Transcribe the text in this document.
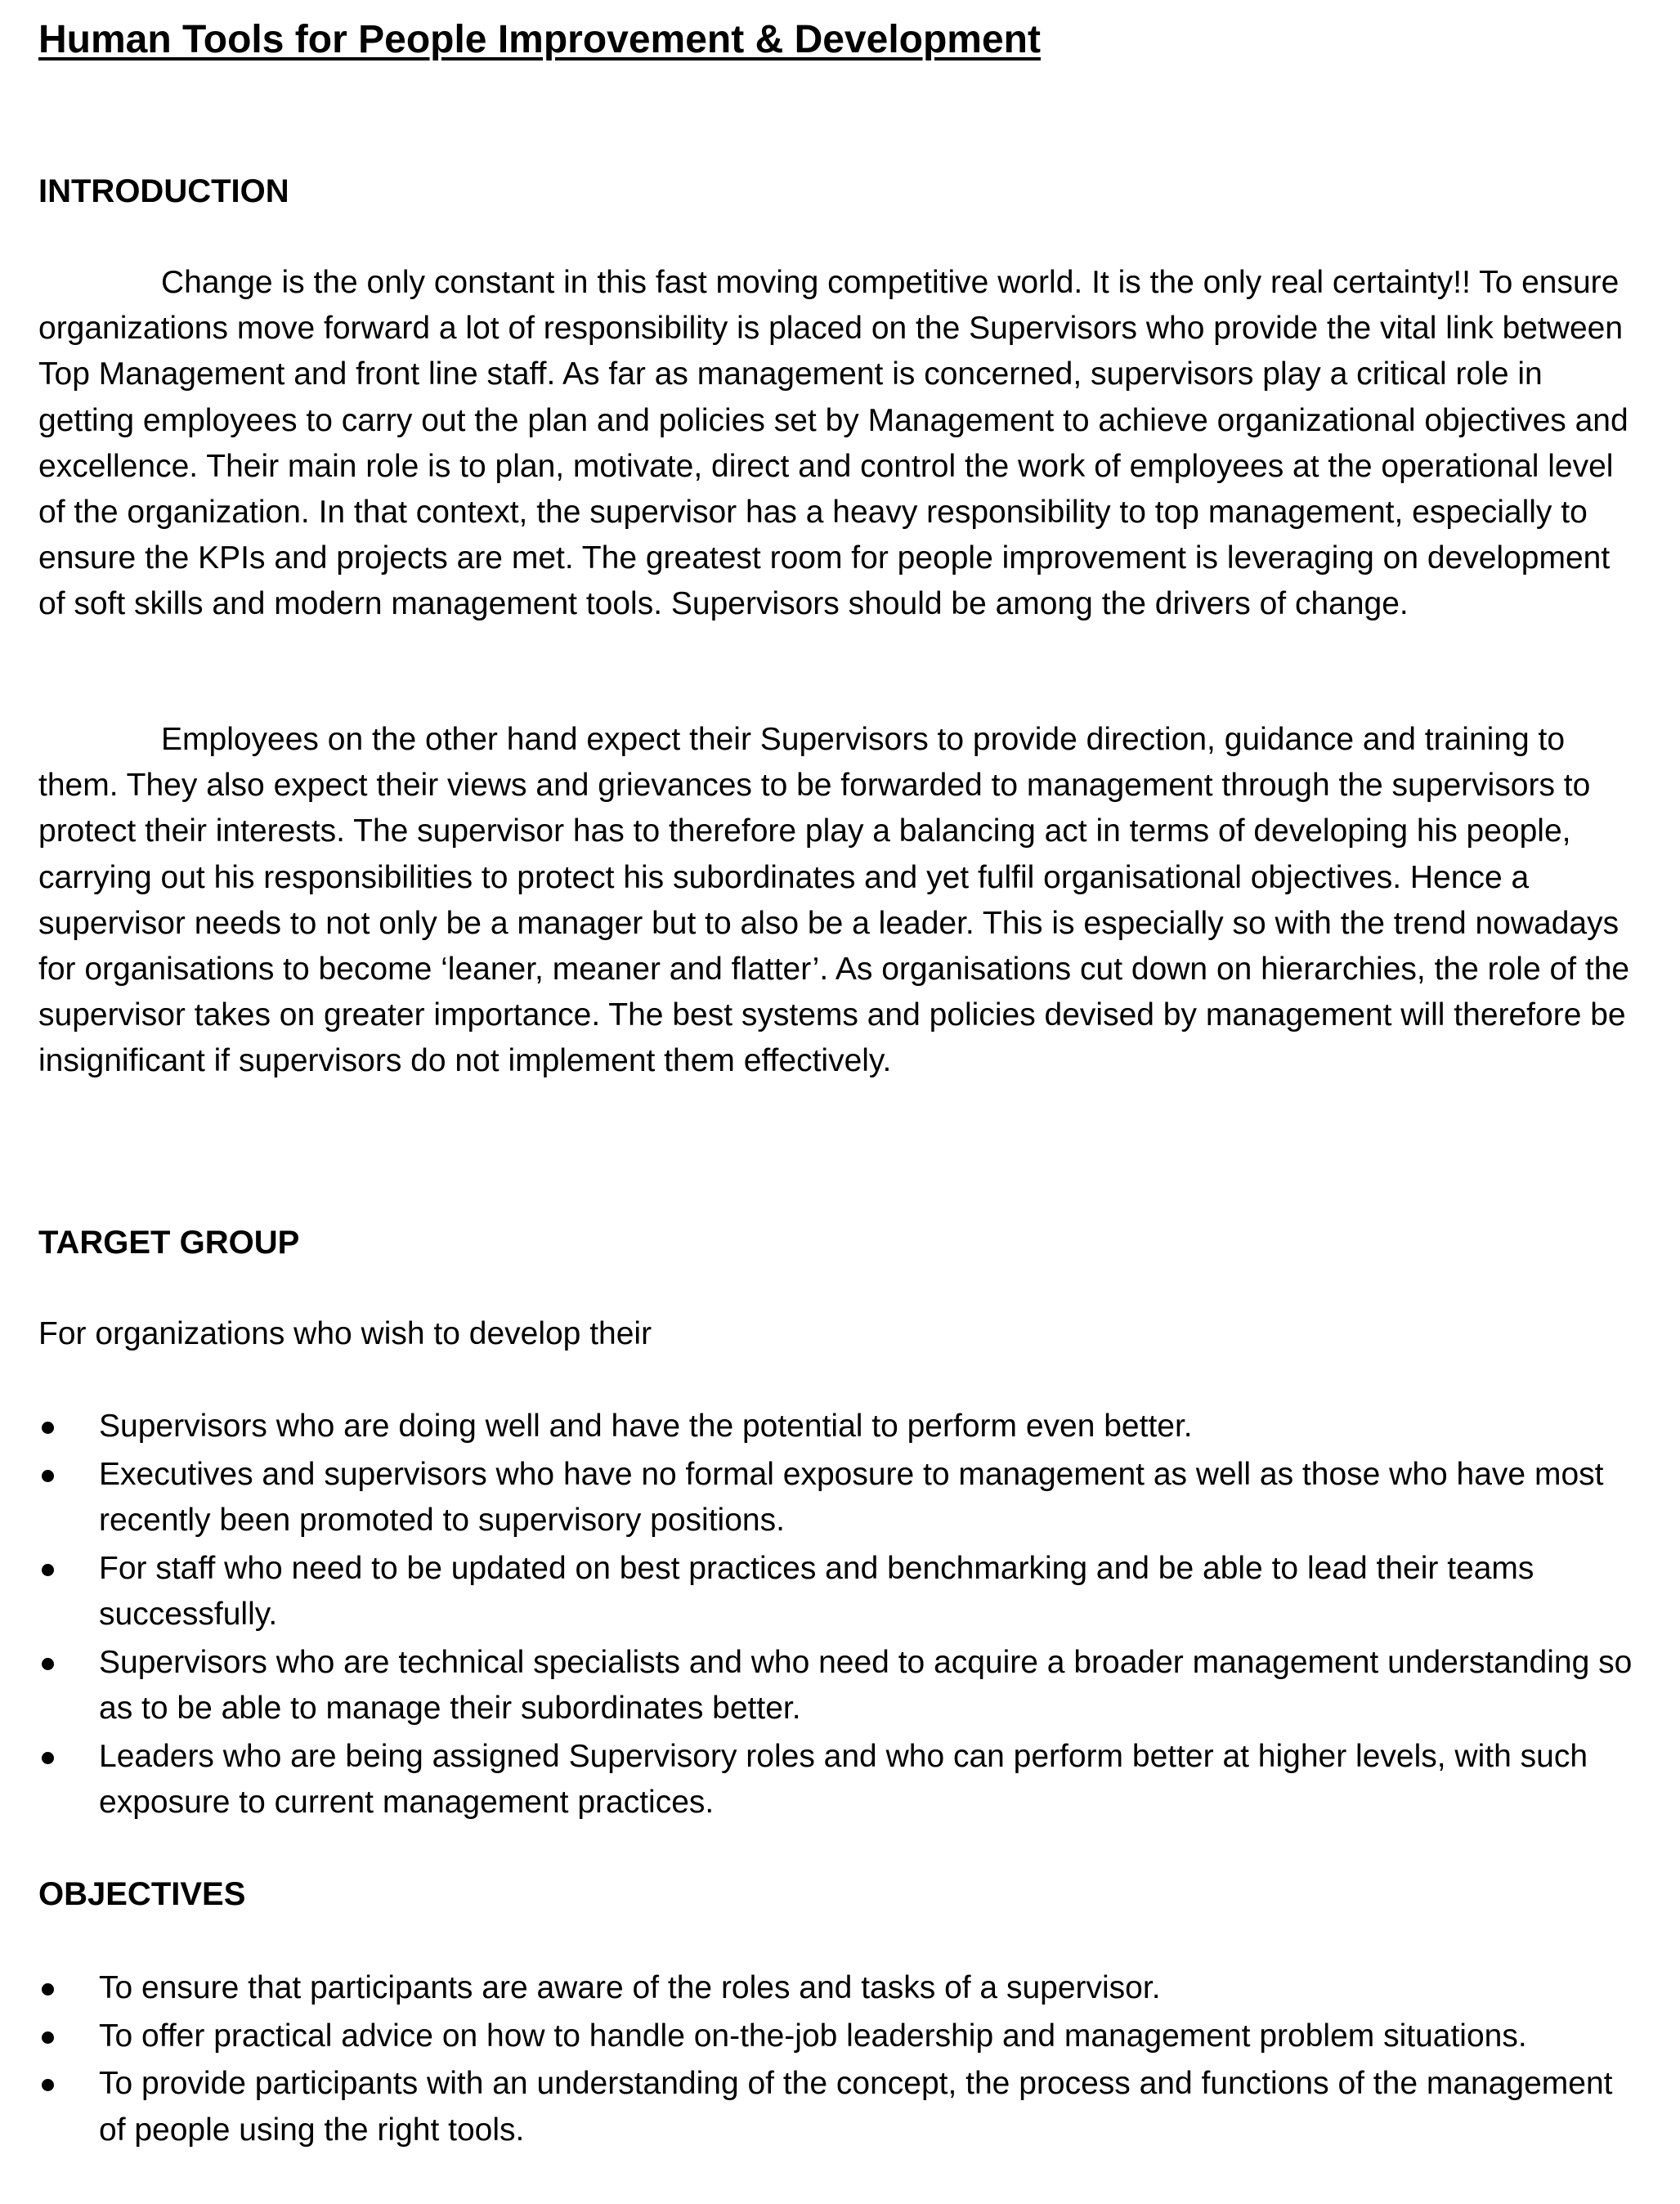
Human Tools for People Improvement & Development
INTRODUCTION

Change is the only constant in this fast moving competitive world. It is the only real certainty!! To ensure organizations move forward a lot of responsibility is placed on the Supervisors who provide the vital link between Top Management and front line staff. As far as management is concerned, supervisors play a critical role in getting employees to carry out the plan and policies set by Management to achieve organizational objectives and excellence. Their main role is to plan, motivate, direct and control the work of employees at the operational level of the organization. In that context, the supervisor has a heavy responsibility to top management, especially to ensure the KPIs and projects are met. The greatest room for people improvement is leveraging on development of soft skills and modern management tools. Supervisors should be among the drivers of change.

Employees on the other hand expect their Supervisors to provide direction, guidance and training to them. They also expect their views and grievances to be forwarded to management through the supervisors to protect their interests. The supervisor has to therefore play a balancing act in terms of developing his people, carrying out his responsibilities to protect his subordinates and yet fulfil organisational objectives. Hence a supervisor needs to not only be a manager but to also be a leader. This is especially so with the trend nowadays for organisations to become ‘leaner, meaner and flatter’. As organisations cut down on hierarchies, the role of the supervisor takes on greater importance. The best systems and policies devised by management will therefore be insignificant if supervisors do not implement them effectively.

TARGET GROUP

For organizations who wish to develop their

Supervisors who are doing well and have the potential to perform even better.
Executives and supervisors who have no formal exposure to management as well as those who have most recently been promoted to supervisory positions.
For staff who need to be updated on best practices and benchmarking and be able to lead their teams successfully.
Supervisors who are technical specialists and who need to acquire a broader management understanding so as to be able to manage their subordinates better.
Leaders who are being assigned Supervisory roles and who can perform better at higher levels, with such exposure to current management practices.
OBJECTIVES
To ensure that participants are aware of the roles and tasks of a supervisor.
To offer practical advice on how to handle on-the-job leadership and management problem situations.
To provide participants with an understanding of the concept, the process and functions of the management of people using the right tools.
